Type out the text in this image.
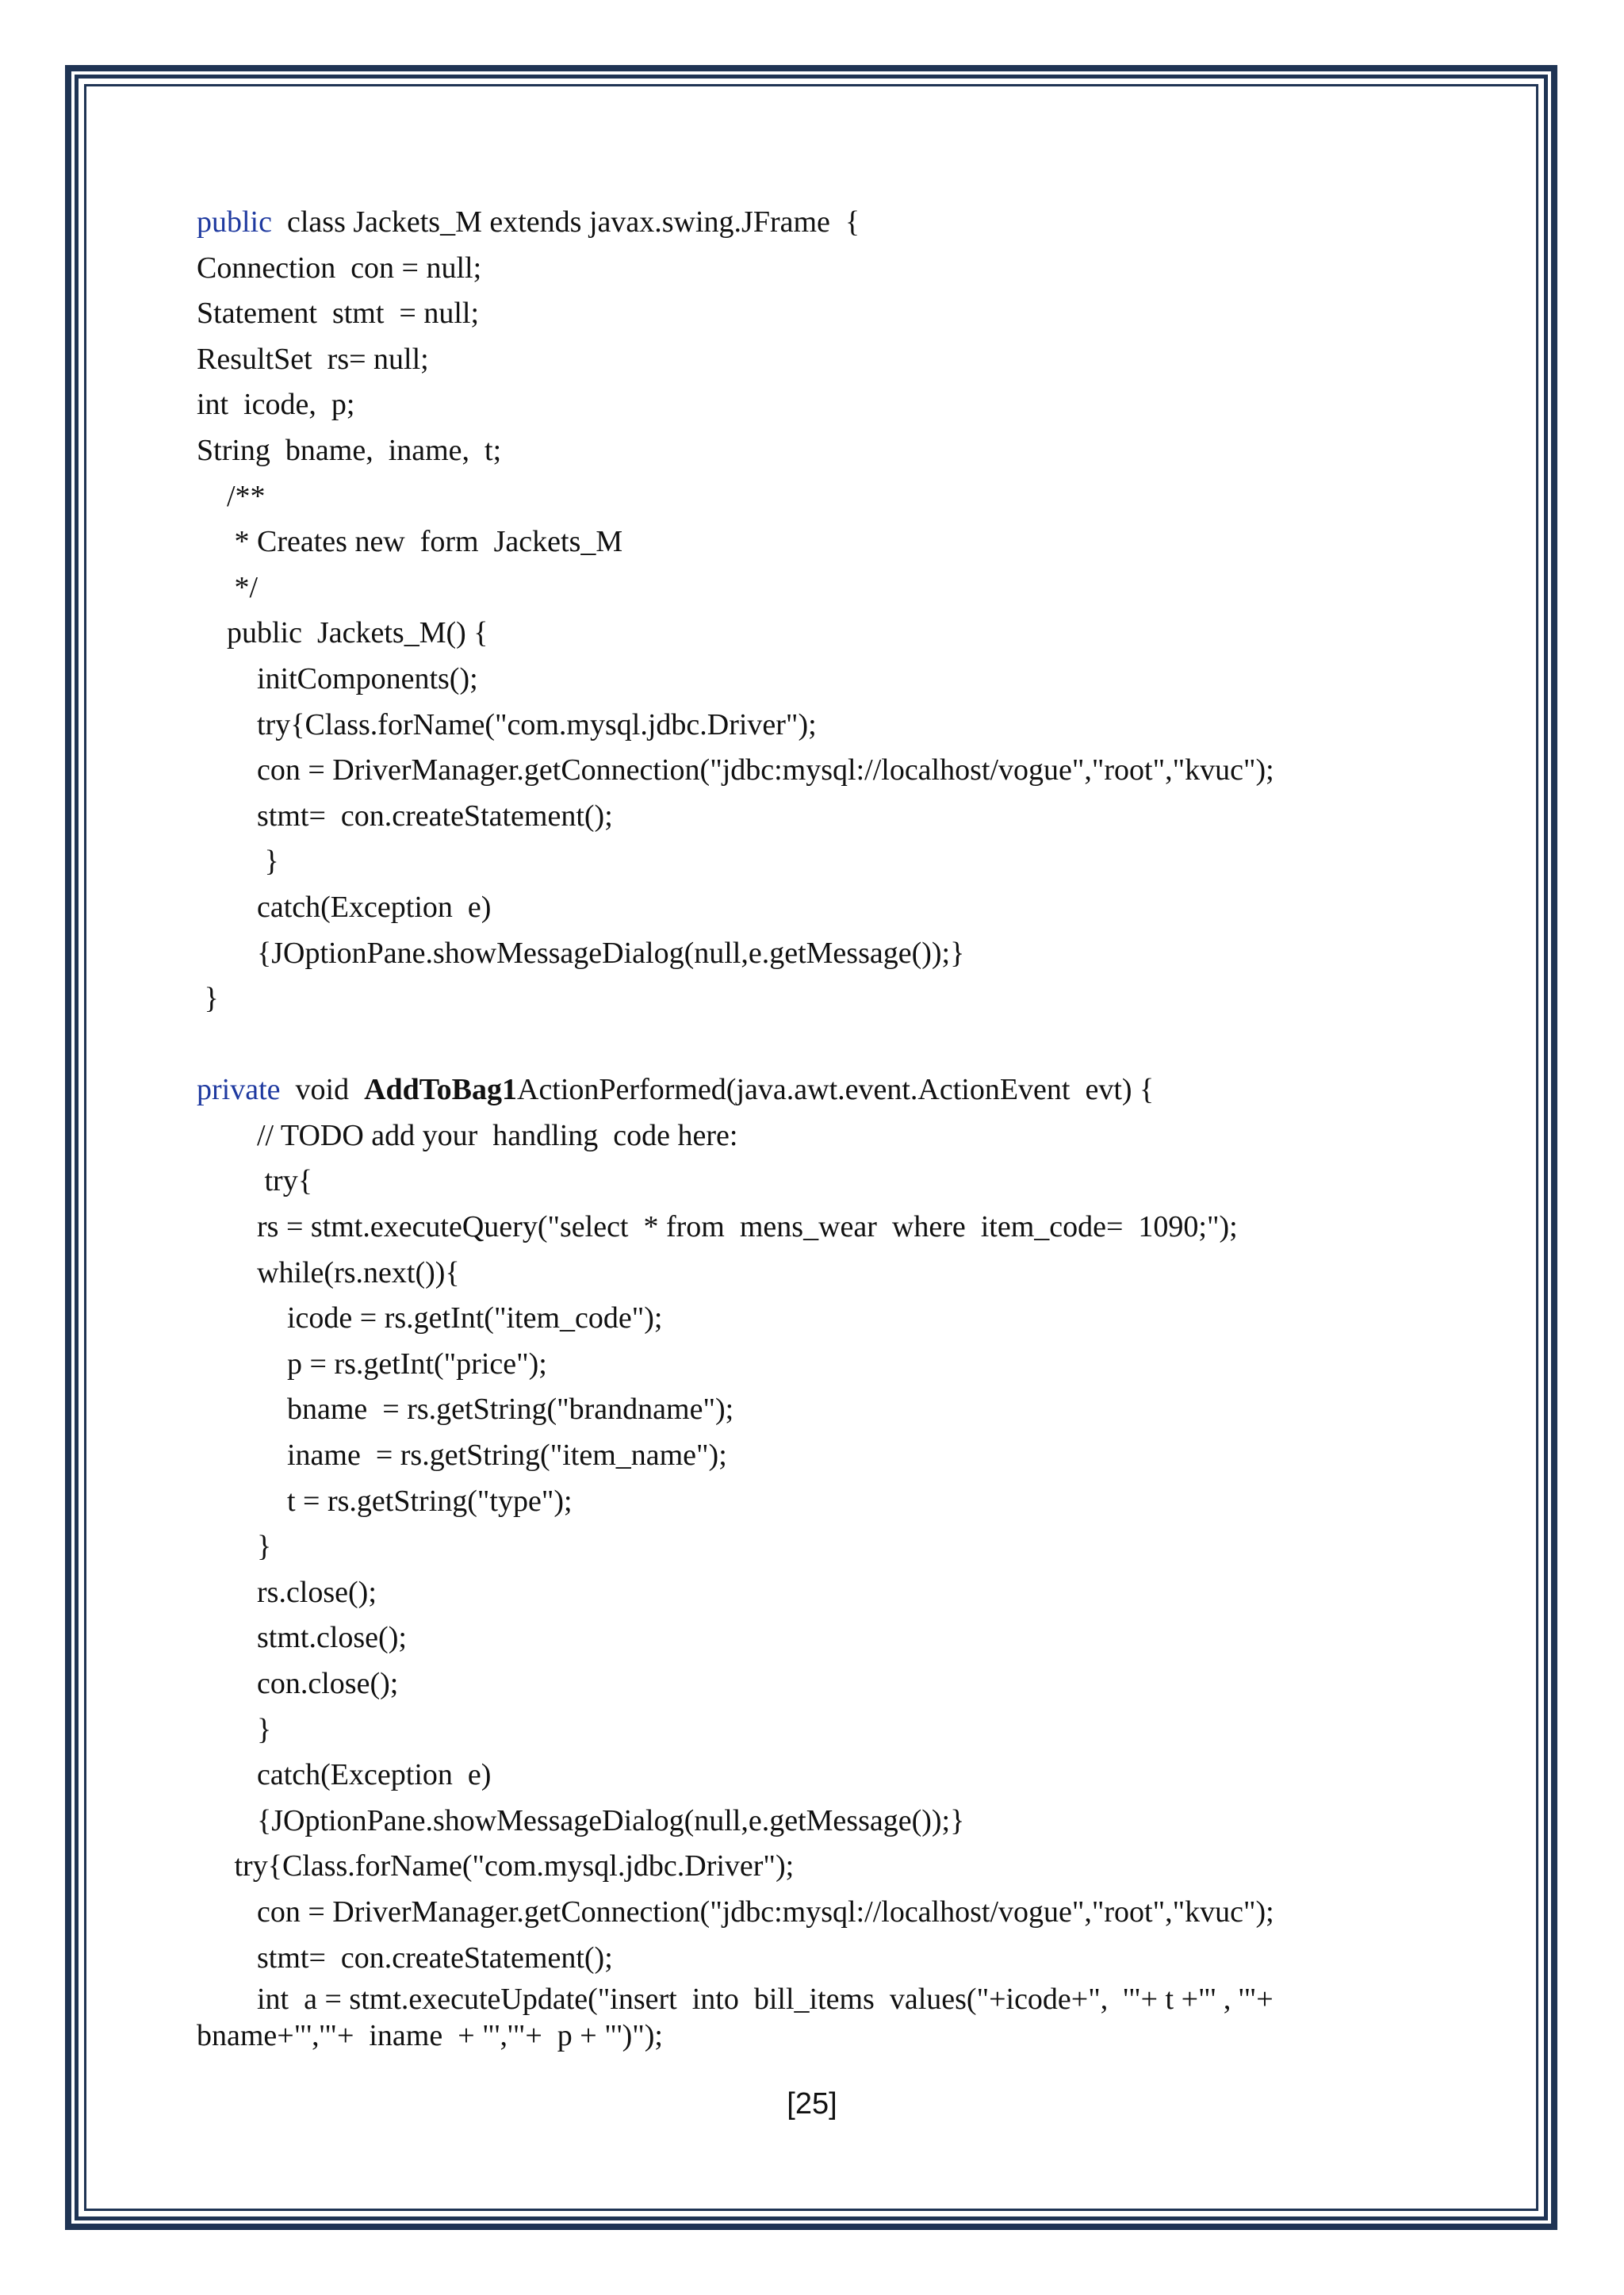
public  class Jackets_M extends javax.swing.JFrame  {
Connection  con = null;
Statement  stmt  = null;
ResultSet  rs= null;
int  icode,  p;
String  bname,  iname,  t;
/**
* Creates new  form  Jackets_M
*/
public  Jackets_M() {
initComponents();
try{Class.forName("com.mysql.jdbc.Driver");
con = DriverManager.getConnection("jdbc:mysql://localhost/vogue","root","kvuc");
stmt=  con.createStatement();
}
catch(Exception  e)
{JOptionPane.showMessageDialog(null,e.getMessage());}
}
private  void  AddToBag1ActionPerformed(java.awt.event.ActionEvent  evt) {
// TODO add your  handling  code here:
try{
rs = stmt.executeQuery("select  * from  mens_wear  where  item_code=  1090;");
while(rs.next()){
icode = rs.getInt("item_code");
p = rs.getInt("price");
bname  = rs.getString("brandname");
iname  = rs.getString("item_name");
t = rs.getString("type");
}
rs.close();
stmt.close();
con.close();
}
catch(Exception  e)
{JOptionPane.showMessageDialog(null,e.getMessage());}
try{Class.forName("com.mysql.jdbc.Driver");
con = DriverManager.getConnection("jdbc:mysql://localhost/vogue","root","kvuc");
stmt=  con.createStatement();
int  a = stmt.executeUpdate("insert  into  bill_items  values("+icode+",  '"+ t +"' , '"+
bname+"','"+  iname  + "','"+  p + "')");
[25]
